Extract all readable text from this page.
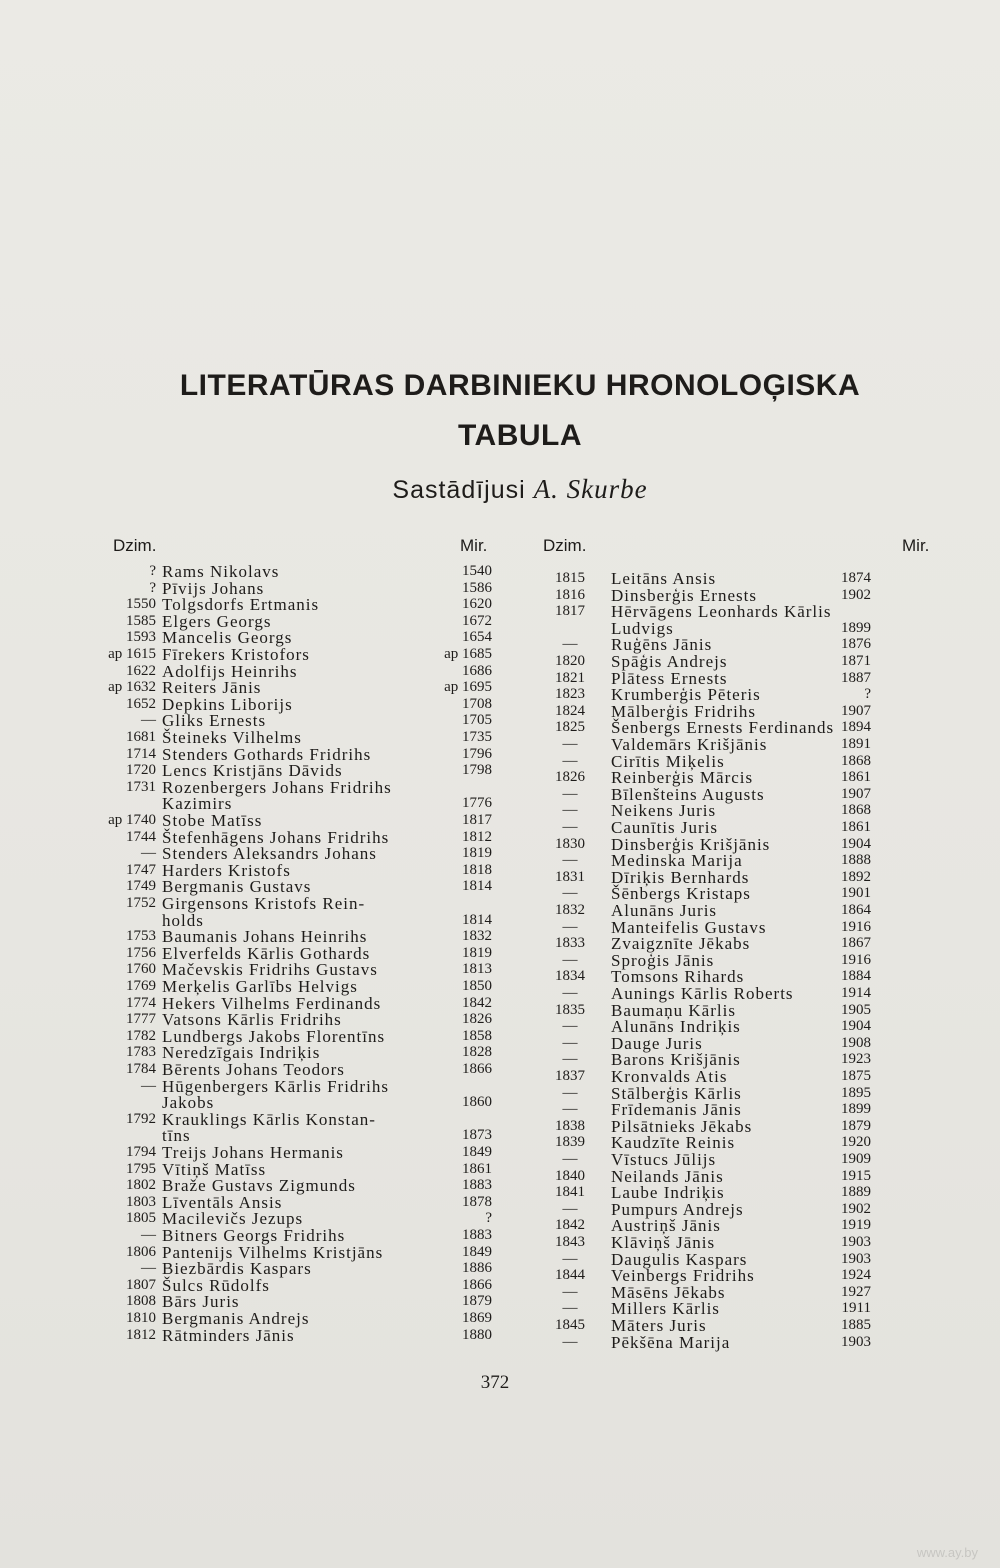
LITERATŪRAS DARBINIEKU HRONOLOĢISKA
TABULA
Sastādījusi A. Skurbe
Dzim.	Mir.	Dzim.	Mir.
? Rams Nikolavs	1540
? Pīvijs Johans	1586
1550 Tolgsdorfs Ertmanis	1620
1585 Elgers Georgs	1672
1593 Mancelis Georgs	1654
ap 1615 Fīrekers Kristofors	ap 1685
1622 Adolfijs Heinrihs	1686
ap 1632 Reiters Jānis	ap 1695
1652 Depkins Liborijs	1708
— Gliks Ernests	1705
1681 Šteineks Vilhelms	1735
1714 Stenders Gothards Fridrihs	1796
1720 Lencs Kristjāns Dāvids	1798
1731 Rozenbergers Johans Fridrihs
Kazimirs	1776
ap 1740 Stobe Matīss	1817
1744 Štefenhāgens Johans Fridrihs	1812
— Stenders Aleksandrs Johans	1819
1747 Harders Kristofs	1818
1749 Bergmanis Gustavs	1814
1752 Girgensons Kristofs Rein-
holds	1814
1753 Baumanis Johans Heinrihs	1832
1756 Elverfelds Kārlis Gothards	1819
1760 Mačevskis Fridrihs Gustavs	1813
1769 Merķelis Garlībs Helvigs	1850
1774 Hekers Vilhelms Ferdinands	1842
1777 Vatsons Kārlis Fridrihs	1826
1782 Lundbergs Jakobs Florentīns	1858
1783 Neredzīgais Indriķis	1828
1784 Bērents Johans Teodors	1866
— Hūgenbergers Kārlis Fridrihs
Jakobs	1860
1792 Krauklings Kārlis Konstan-
tīns	1873
1794 Treijs Johans Hermanis	1849
1795 Vītiņš Matīss	1861
1802 Braže Gustavs Zigmunds	1883
1803 Līventāls Ansis	1878
1805 Macilevičs Jezups	?
— Bitners Georgs Fridrihs	1883
1806 Pantenijs Vilhelms Kristjāns	1849
— Biezbārdis Kaspars	1886
1807 Šulcs Rūdolfs	1866
1808 Bārs Juris	1879
1810 Bergmanis Andrejs	1869
1812 Rātminders Jānis	1880
1815	Leitāns Ansis	1874
1816	Dinsberģis Ernests	1902
1817	Hērvāgens Leonhards Kārlis
Ludvigs	1899
—	Ruģēns Jānis	1876
1820	Spāģis Andrejs	1871
1821	Plātess Ernests	1887
1823	Krumberģis Pēteris	?
1824	Mālberģis Fridrihs	1907
1825	Šenbergs Ernests Ferdinands 1894
—	Valdemārs Krišjānis	1891
—	Cirītis Miķelis	1868
1826	Reinberģis Mārcis	1861
—	Bīlenšteins Augusts	1907
—	Neikens Juris	1868
—	Caunītis Juris	1861
1830	Dinsberģis Krišjānis	1904
—	Medinska Marija	1888
1831	Dīriķis Bernhards	1892
—	Šēnbergs Kristaps	1901
1832	Alunāns Juris	1864
—	Manteifelis Gustavs	1916
1833	Zvaigznīte Jēkabs	1867
—	Sproģis Jānis	1916
1834	Tomsons Rihards	1884
—	Aunings Kārlis Roberts	1914
1835	Baumaņu Kārlis	1905
—	Alunāns Indriķis	1904
—	Dauge Juris	1908
—	Barons Krišjānis	1923
1837	Kronvalds Atis	1875
—	Stālberģis Kārlis	1895
—	Frīdemanis Jānis	1899
1838	Pilsātnieks Jēkabs	1879
1839	Kaudzīte Reinis	1920
—	Vīstucs Jūlijs	1909
1840	Neilands Jānis	1915
1841	Laube Indriķis	1889
—	Pumpurs Andrejs	1902
1842	Austriņš Jānis	1919
1843	Klāviņš Jānis	1903
—	Daugulis Kaspars	1903
1844	Veinbergs Fridrihs	1924
—	Māsēns Jēkabs	1927
—	Millers Kārlis	1911
1845	Māters Juris	1885
—	Pēkšēna Marija	1903
372
www.ay.by
